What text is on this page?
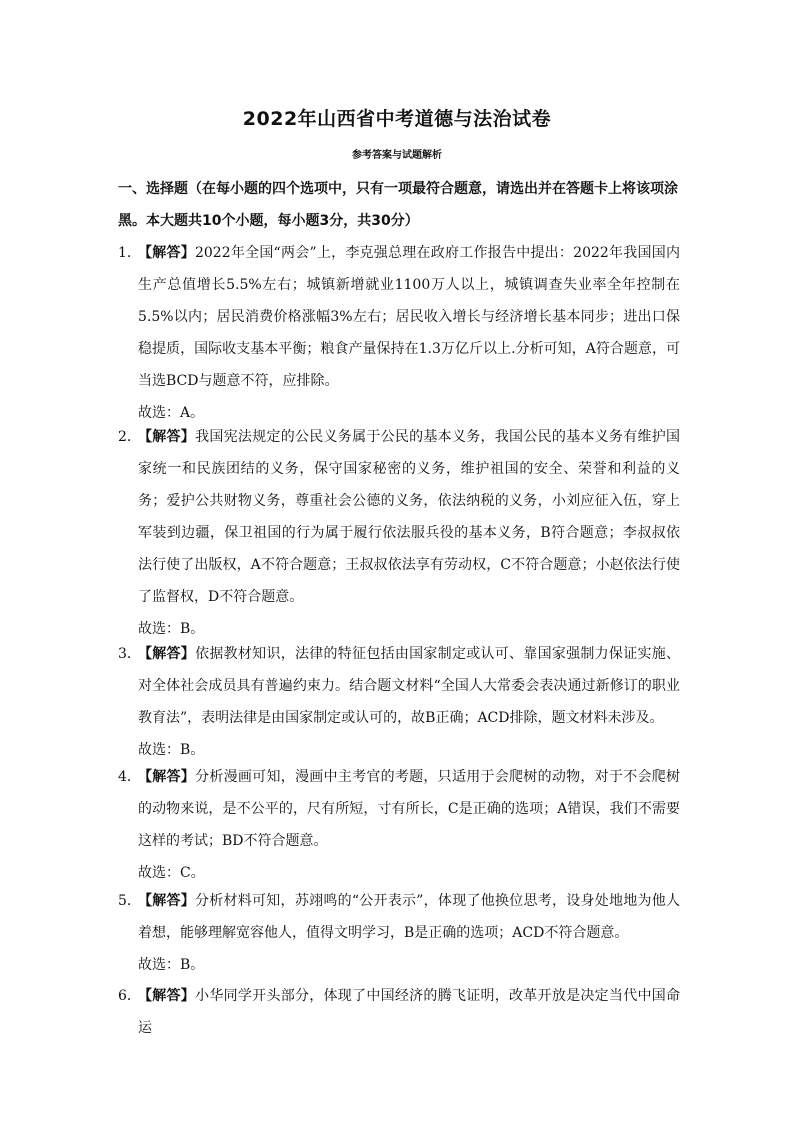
2022年山西省中考道德与法治试卷
参考答案与试题解析
一、选择题（在每小题的四个选项中，只有一项最符合题意，请选出并在答题卡上将该项涂黑。本大题共10个小题，每小题3分，共30分）
1．
【解答】2022年全国“两会”上，李克强总理在政府工作报告中提出：2022年我国国内生产总值增长5.5%左右；城镇新增就业1100万人以上，城镇调查失业率全年控制在5.5%以内；居民消费价格涨幅3%左右；居民收入增长与经济增长基本同步；进出口保稳提质，国际收支基本平衡；粮食产量保持在1.3万亿斤以上.分析可知，A符合题意，可当选BCD与题意不符，应排除。
故选：A。
2．
【解答】我国宪法规定的公民义务属于公民的基本义务，我国公民的基本义务有维护国家统一和民族团结的义务，保守国家秘密的义务，维护祖国的安全、荣誉和利益的义务；爱护公共财物义务，尊重社会公德的义务，依法纳税的义务，小刘应征入伍，穿上军装到边疆，保卫祖国的行为属于履行依法服兵役的基本义务，B符合题意；李叔叔依法行使了出版权，A不符合题意；王叔叔依法享有劳动权，C不符合题意；小赵依法行使了监督权，D不符合题意。
故选：B。
3．
【解答】依据教材知识，法律的特征包括由国家制定或认可、靠国家强制力保证实施、对全体社会成员具有普遍约束力。结合题文材料“全国人大常委会表决通过新修订的职业教育法”，表明法律是由国家制定或认可的，故B正确；ACD排除，题文材料未涉及。
故选：B。
4．
【解答】分析漫画可知，漫画中主考官的考题，只适用于会爬树的动物，对于不会爬树的动物来说，是不公平的，尺有所短，寸有所长，C是正确的选项；A错误，我们不需要这样的考试；BD不符合题意。
故选：C。
5．
【解答】分析材料可知，苏翊鸣的“公开表示”，体现了他换位思考，设身处地地为他人着想，能够理解宽容他人，值得文明学习，B是正确的选项；ACD不符合题意。
故选：B。
6．
【解答】小华同学开头部分，体现了中国经济的腾飞证明，改革开放是决定当代中国命运
